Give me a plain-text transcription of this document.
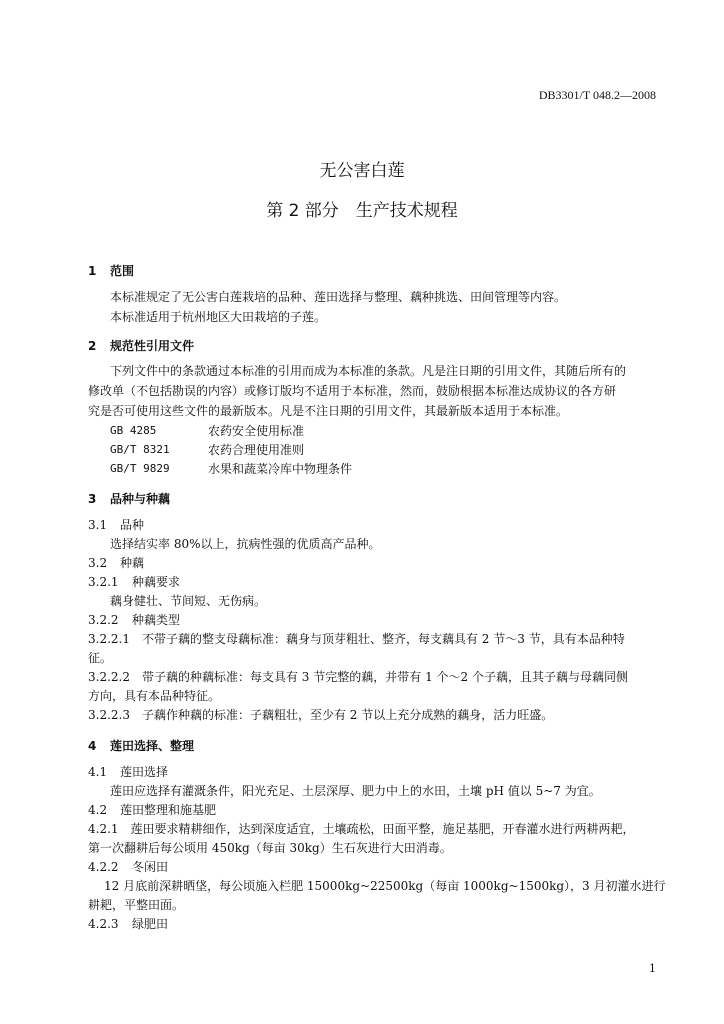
DB3301/T 048.2—2008
无公害白莲
第 2 部分　生产技术规程
1 范围
本标准规定了无公害白莲栽培的品种、莲田选择与整理、藕种挑选、田间管理等内容。
本标准适用于杭州地区大田栽培的子莲。
2 规范性引用文件
下列文件中的条款通过本标准的引用而成为本标准的条款。凡是注日期的引用文件，其随后所有的
修改单（不包括勘误的内容）或修订版均不适用于本标准，然而，鼓励根据本标准达成协议的各方研
究是否可使用这些文件的最新版本。凡是不注日期的引用文件，其最新版本适用于本标准。
GB 4285	农药安全使用标准
GB/T 8321	农药合理使用准则
GB/T 9829	水果和蔬菜冷库中物理条件
3 品种与种藕
3.1 品种
选择结实率 80%以上，抗病性强的优质高产品种。
3.2 种藕
3.2.1 种藕要求
藕身健壮、节间短、无伤病。
3.2.2 种藕类型
3.2.2.1　不带子藕的整支母藕标准：藕身与顶芽粗壮、整齐，每支藕具有 2 节～3 节，具有本品种特
征。
3.2.2.2　带子藕的种藕标准：每支具有 3 节完整的藕，并带有 1 个～2 个子藕，且其子藕与母藕同侧
方向，具有本品种特征。
3.2.2.3　子藕作种藕的标准：子藕粗壮，至少有 2 节以上充分成熟的藕身，活力旺盛。
4 莲田选择、整理
4.1 莲田选择
莲田应选择有灌溉条件，阳光充足、土层深厚、肥力中上的水田，土壤 pH 值以 5~7 为宜。
4.2 莲田整理和施基肥
4.2.1　莲田要求精耕细作，达到深度适宜，土壤疏松，田面平整，施足基肥，开春灌水进行两耕两耙，
第一次翻耕后每公顷用 450kg（每亩 30kg）生石灰进行大田消毒。
4.2.2 冬闲田
12 月底前深耕晒垡，每公顷施入栏肥 15000kg~22500kg（每亩 1000kg~1500kg），3 月初灌水进行
耕耙，平整田面。
4.2.3 绿肥田
1
